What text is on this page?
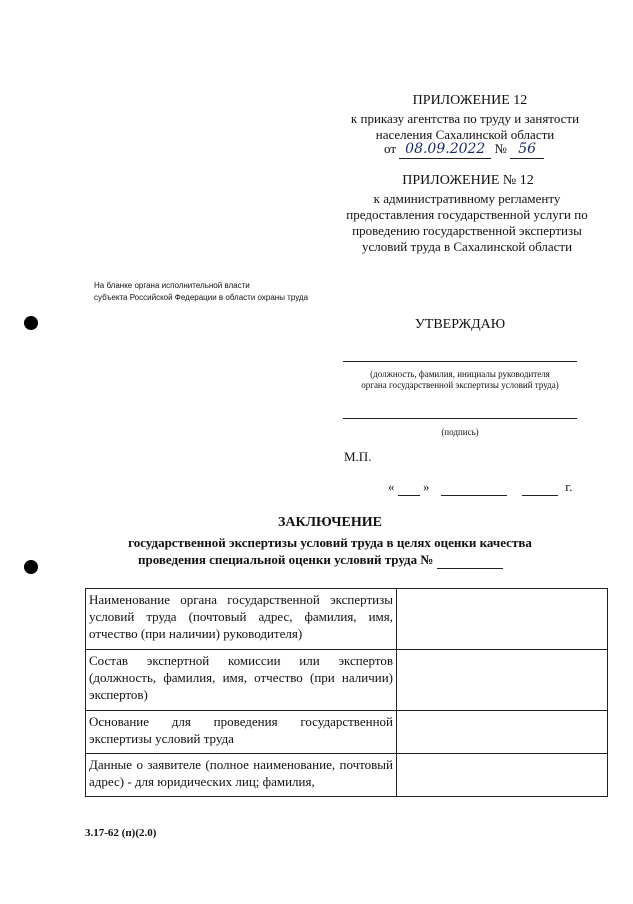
ПРИЛОЖЕНИЕ 12
к приказу агентства по труду и занятости
населения Сахалинской области
от 08.09.2022 № 56
ПРИЛОЖЕНИЕ № 12
к административному регламенту
предоставления государственной услуги по
проведению государственной экспертизы
условий труда в Сахалинской области
На бланке органа исполнительной власти
субъекта Российской Федерации в области охраны труда
УТВЕРЖДАЮ
(должность, фамилия, инициалы руководителя
органа государственной экспертизы условий труда)
(подпись)
М.П.
« »	г.
ЗАКЛЮЧЕНИЕ
государственной экспертизы условий труда в целях оценки качества
проведения специальной оценки условий труда №
Наименование органа государственной экспертизы условий труда (почтовый адрес, фамилия, имя, отчество (при наличии) руководителя)	
Состав экспертной комиссии или экспертов (должность, фамилия, имя, отчество (при наличии) экспертов)	
Основание для проведения государственной экспертизы условий труда	
Данные о заявителе (полное наименование, почтовый адрес) - для юридических лиц; фамилия,	
3.17-62 (п)(2.0)
